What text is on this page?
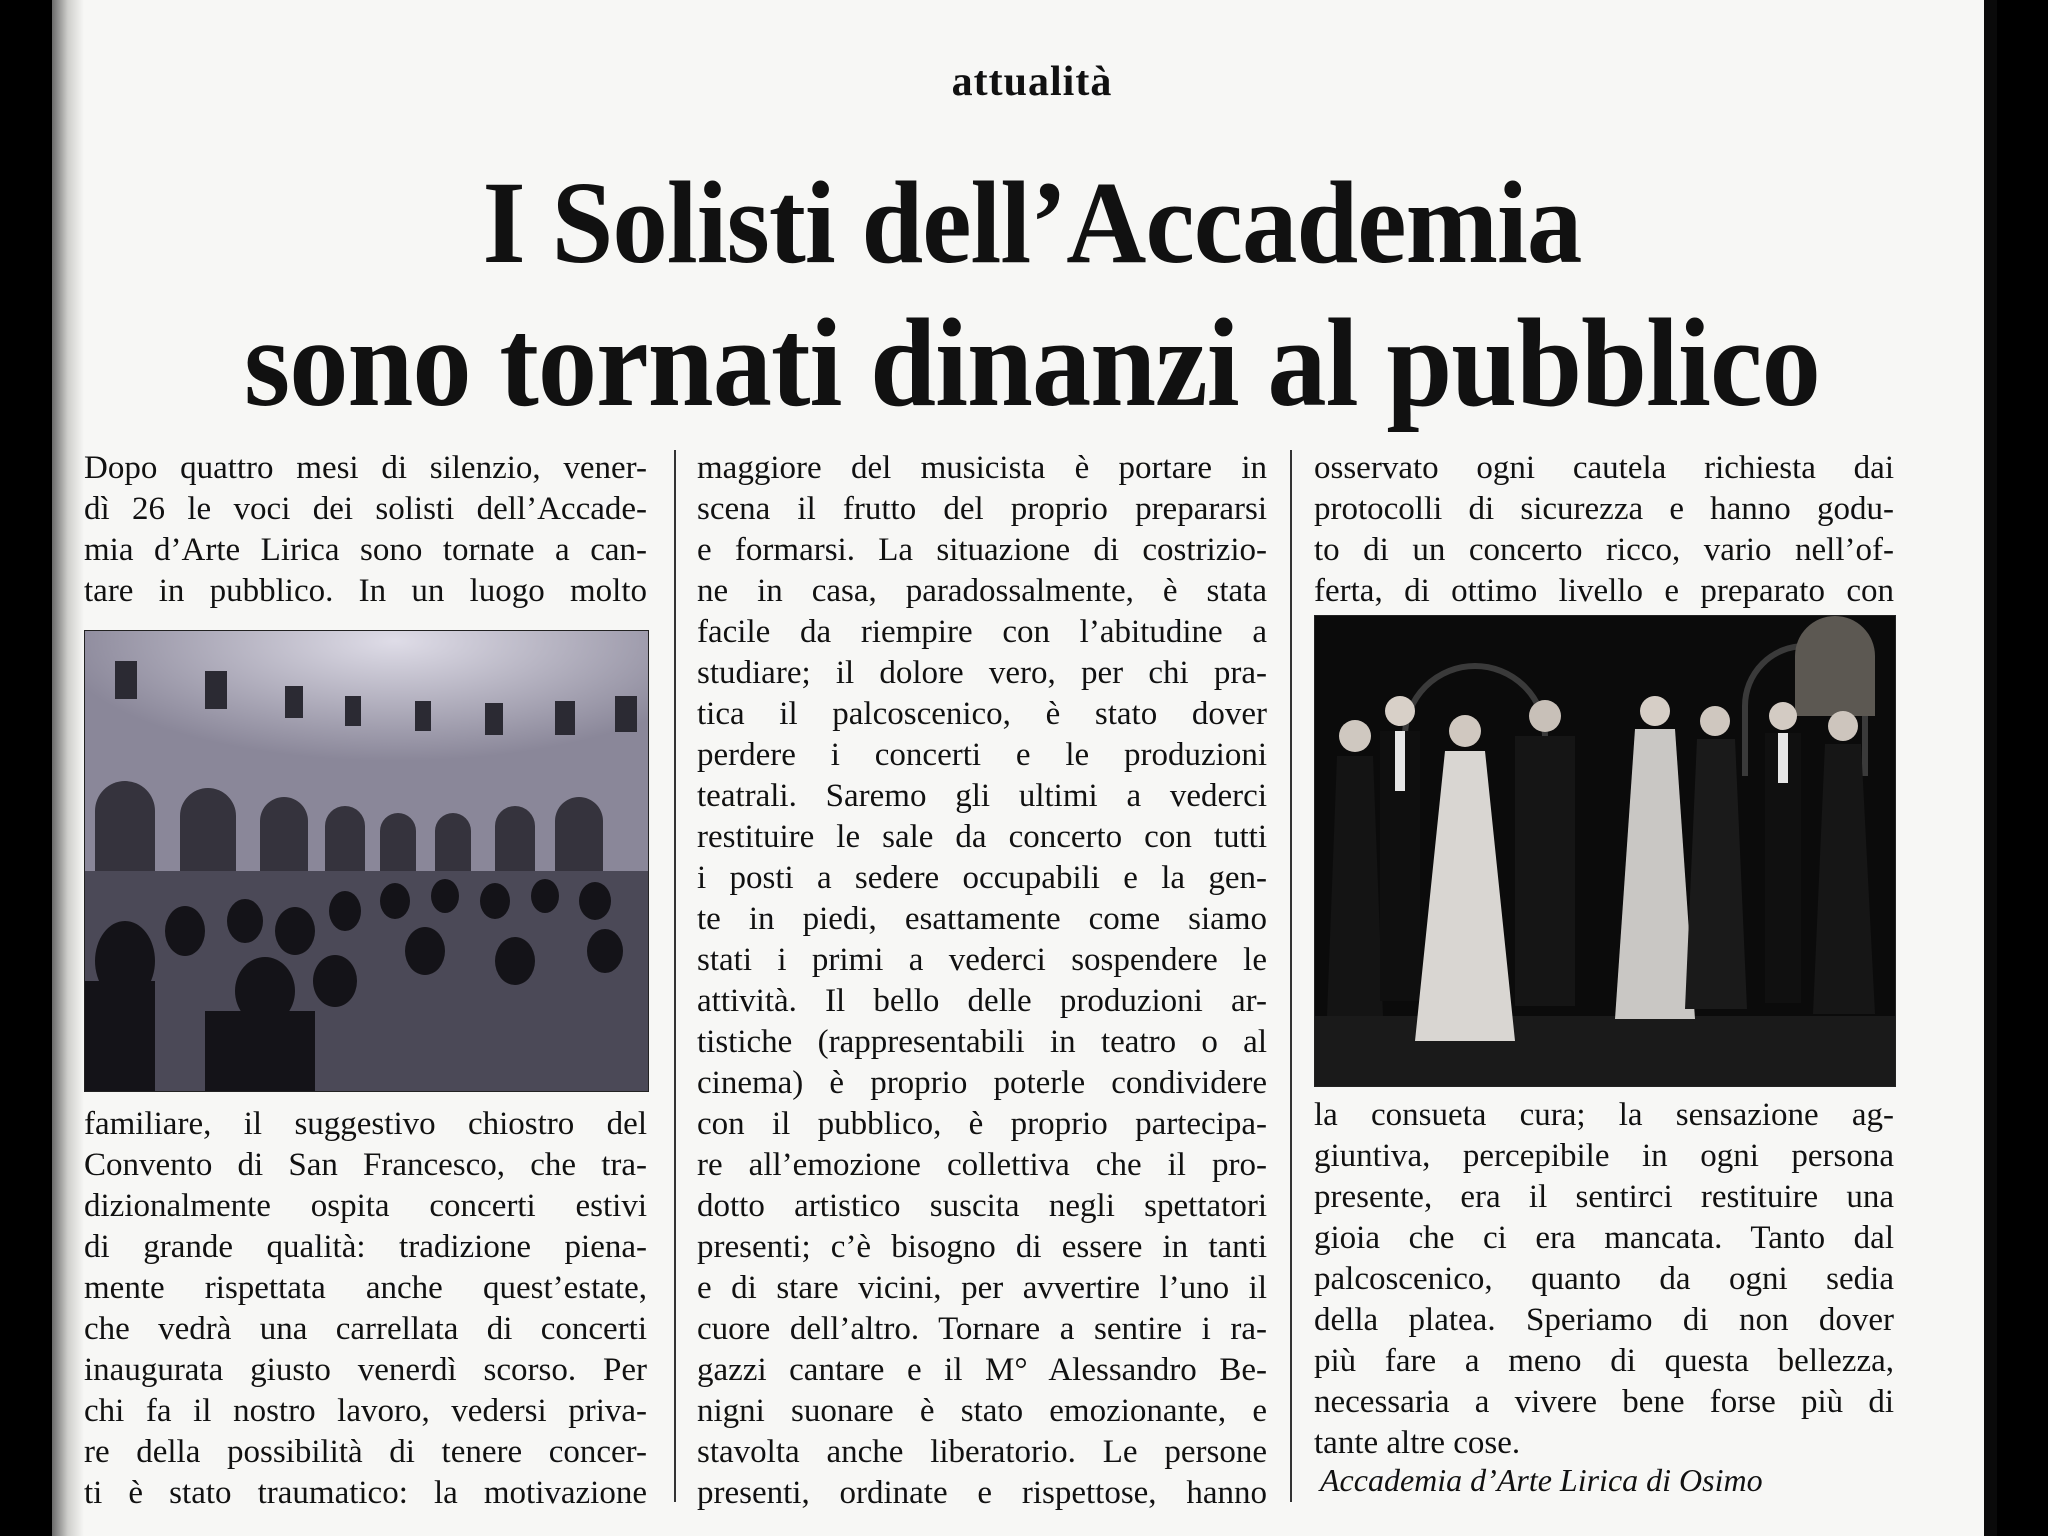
attualità
I Solisti dell’Accademia
sono tornati dinanzi al pubblico
Dopo quattro mesi di silenzio, vener-
dì 26 le voci dei solisti dell’Accade-
mia d’Arte Lirica sono tornate a can-
tare in pubblico. In un luogo molto
familiare, il suggestivo chiostro del
Convento di San Francesco, che tra-
dizionalmente ospita concerti estivi
di grande qualità: tradizione piena-
mente rispettata anche quest’estate,
che vedrà una carrellata di concerti
inaugurata giusto venerdì scorso. Per
chi fa il nostro lavoro, vedersi priva-
re della possibilità di tenere concer-
ti è stato traumatico: la motivazione
maggiore del musicista è portare in
scena il frutto del proprio prepararsi
e formarsi. La situazione di costrizio-
ne in casa, paradossalmente, è stata
facile da riempire con l’abitudine a
studiare; il dolore vero, per chi pra-
tica il palcoscenico, è stato dover
perdere i concerti e le produzioni
teatrali. Saremo gli ultimi a vederci
restituire le sale da concerto con tutti
i posti a sedere occupabili e la gen-
te in piedi, esattamente come siamo
stati i primi a vederci sospendere le
attività. Il bello delle produzioni ar-
tistiche (rappresentabili in teatro o al
cinema) è proprio poterle condividere
con il pubblico, è proprio partecipa-
re all’emozione collettiva che il pro-
dotto artistico suscita negli spettatori
presenti; c’è bisogno di essere in tanti
e di stare vicini, per avvertire l’uno il
cuore dell’altro. Tornare a sentire i ra-
gazzi cantare e il M° Alessandro Be-
nigni suonare è stato emozionante, e
stavolta anche liberatorio. Le persone
presenti, ordinate e rispettose, hanno
osservato ogni cautela richiesta dai
protocolli di sicurezza e hanno godu-
to di un concerto ricco, vario nell’of-
ferta, di ottimo livello e preparato con
la consueta cura; la sensazione ag-
giuntiva, percepibile in ogni persona
presente, era il sentirci restituire una
gioia che ci era mancata. Tanto dal
palcoscenico, quanto da ogni sedia
della platea. Speriamo di non dover
più fare a meno di questa bellezza,
necessaria a vivere bene forse più di
tante altre cose.
Accademia d’Arte Lirica di Osimo
